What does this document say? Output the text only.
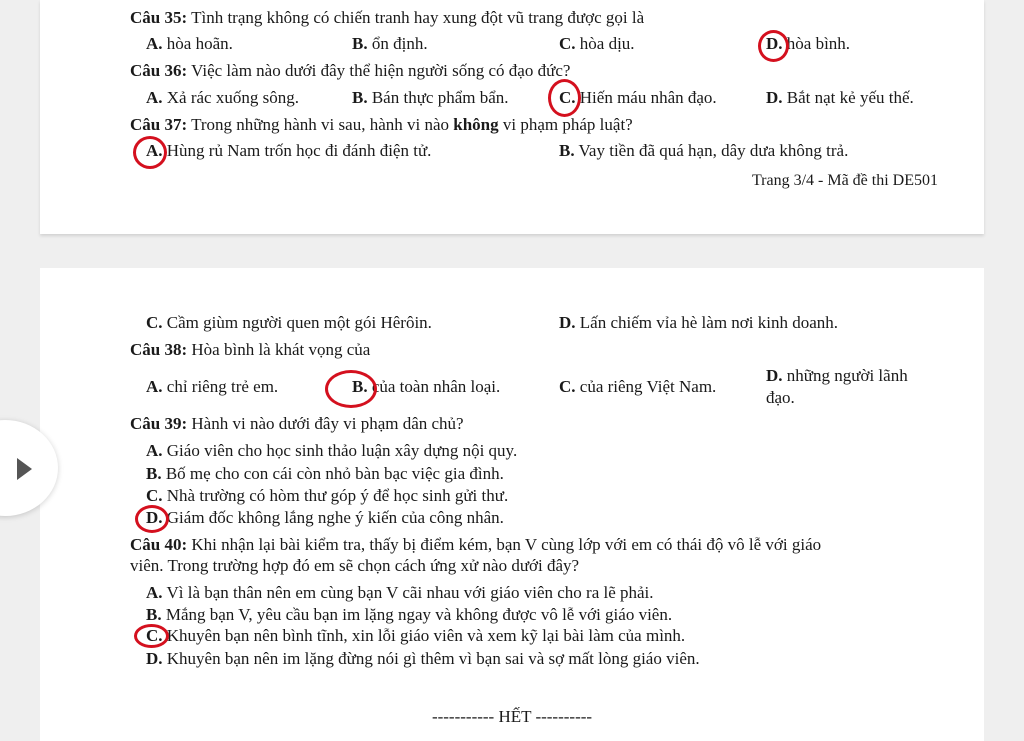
Câu 35: Tình trạng không có chiến tranh hay xung đột vũ trang được gọi là
A. hòa hoãn.	B. ổn định.	C. hòa dịu.	D. hòa bình.
Câu 36: Việc làm nào dưới đây thể hiện người sống có đạo đức?
A. Xả rác xuống sông.	B. Bán thực phẩm bẩn.	C. Hiến máu nhân đạo.	D. Bắt nạt kẻ yếu thế.
Câu 37: Trong những hành vi sau, hành vi nào không vi phạm pháp luật?
A. Hùng rủ Nam trốn học đi đánh điện tử.	B. Vay tiền đã quá hạn, dây dưa không trả.
Trang 3/4 - Mã đề thi DE501
C. Cầm giùm người quen một gói Hêrôin.	D. Lấn chiếm vỉa hè làm nơi kinh doanh.
Câu 38: Hòa bình là khát vọng của
A. chỉ riêng trẻ em.	B. của toàn nhân loại.	C. của riêng Việt Nam.
D. những người lãnh
đạo.
Câu 39: Hành vi nào dưới đây vi phạm dân chủ?
A. Giáo viên cho học sinh thảo luận xây dựng nội quy.
B. Bố mẹ cho con cái còn nhỏ bàn bạc việc gia đình.
C. Nhà trường có hòm thư góp ý để học sinh gửi thư.
D. Giám đốc không lắng nghe ý kiến của công nhân.
Câu 40: Khi nhận lại bài kiểm tra, thấy bị điểm kém, bạn V cùng lớp với em có thái độ vô lễ với giáo
viên. Trong trường hợp đó em sẽ chọn cách ứng xử nào dưới đây?
A. Vì là bạn thân nên em cùng bạn V cãi nhau với giáo viên cho ra lẽ phải.
B. Mắng bạn V, yêu cầu bạn im lặng ngay và không được vô lễ với giáo viên.
C. Khuyên bạn nên bình tĩnh, xin lỗi giáo viên và xem kỹ lại bài làm của mình.
D. Khuyên bạn nên im lặng đừng nói gì thêm vì bạn sai và sợ mất lòng giáo viên.
----------- HẾT ----------
